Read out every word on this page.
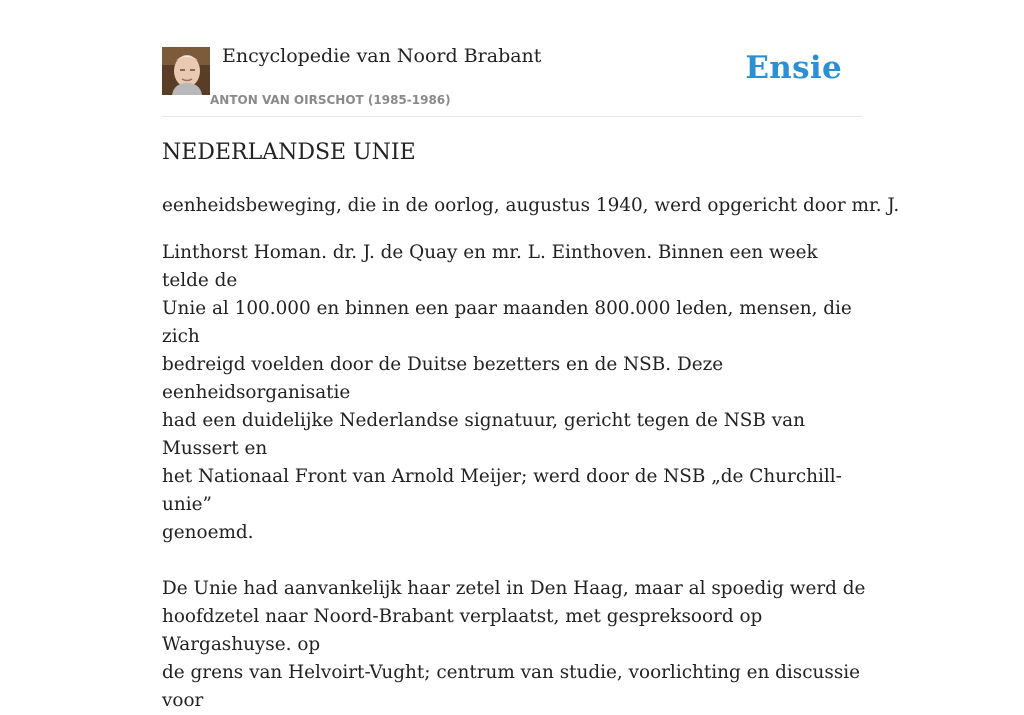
Encyclopedie van Noord Brabant
ANTON VAN OIRSCHOT (1985-1986)
Ensie
NEDERLANDSE UNIE
eenheidsbeweging, die in de oorlog, augustus 1940, werd opgericht door mr. J.
Linthorst Homan. dr. J. de Quay en mr. L. Einthoven. Binnen een week telde de
Unie al 100.000 en binnen een paar maanden 800.000 leden, mensen, die zich
bedreigd voelden door de Duitse bezetters en de NSB. Deze eenheidsorganisatie
had een duidelijke Nederlandse signatuur, gericht tegen de NSB van Mussert en
het Nationaal Front van Arnold Meijer; werd door de NSB „de Churchill-unie”
genoemd.

De Unie had aanvankelijk haar zetel in Den Haag, maar al spoedig werd de
hoofdzetel naar Noord-Brabant verplaatst, met gespreksoord op Wargashuyse. op
de grens van Helvoirt-Vught; centrum van studie, voorlichting en discussie voor
